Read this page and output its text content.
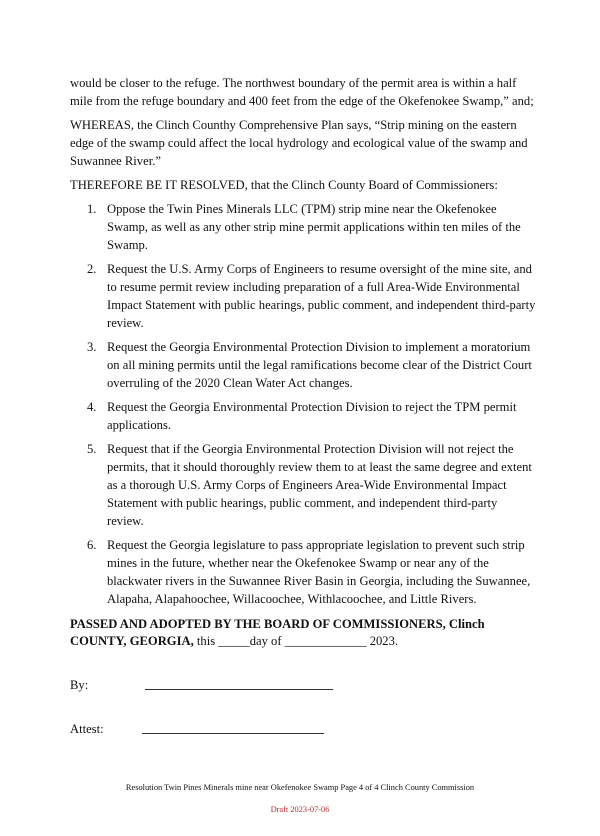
would be closer to the refuge. The northwest boundary of the permit area is within a half mile from the refuge boundary and 400 feet from the edge of the Okefenokee Swamp,” and;

WHEREAS, the Clinch Counthy Comprehensive Plan says, “Strip mining on the eastern edge of the swamp could affect the local hydrology and ecological value of the swamp and Suwannee River.”

THEREFORE BE IT RESOLVED, that the Clinch County Board of Commissioners:

1. Oppose the Twin Pines Minerals LLC (TPM) strip mine near the Okefenokee Swamp, as well as any other strip mine permit applications within ten miles of the Swamp.
2. Request the U.S. Army Corps of Engineers to resume oversight of the mine site, and to resume permit review including preparation of a full Area-Wide Environmental Impact Statement with public hearings, public comment, and independent third-party review.
3. Request the Georgia Environmental Protection Division to implement a moratorium on all mining permits until the legal ramifications become clear of the District Court overruling of the 2020 Clean Water Act changes.
4. Request the Georgia Environmental Protection Division to reject the TPM permit applications.
5. Request that if the Georgia Environmental Protection Division will not reject the permits, that it should thoroughly review them to at least the same degree and extent as a thorough U.S. Army Corps of Engineers Area-Wide Environmental Impact Statement with public hearings, public comment, and independent third-party review.
6. Request the Georgia legislature to pass appropriate legislation to prevent such strip mines in the future, whether near the Okefenokee Swamp or near any of the blackwater rivers in the Suwannee River Basin in Georgia, including the Suwannee, Alapaha, Alapahoochee, Willacoochee, Withlacoochee, and Little Rivers.

PASSED AND ADOPTED BY THE BOARD OF COMMISSIONERS, Clinch COUNTY, GEORGIA, this _____day of _____________ 2023.

By:
Attest:
Resolution Twin Pines Minerals mine near Okefenokee Swamp Page 4 of 4 Clinch County Commission
Draft 2023-07-06
